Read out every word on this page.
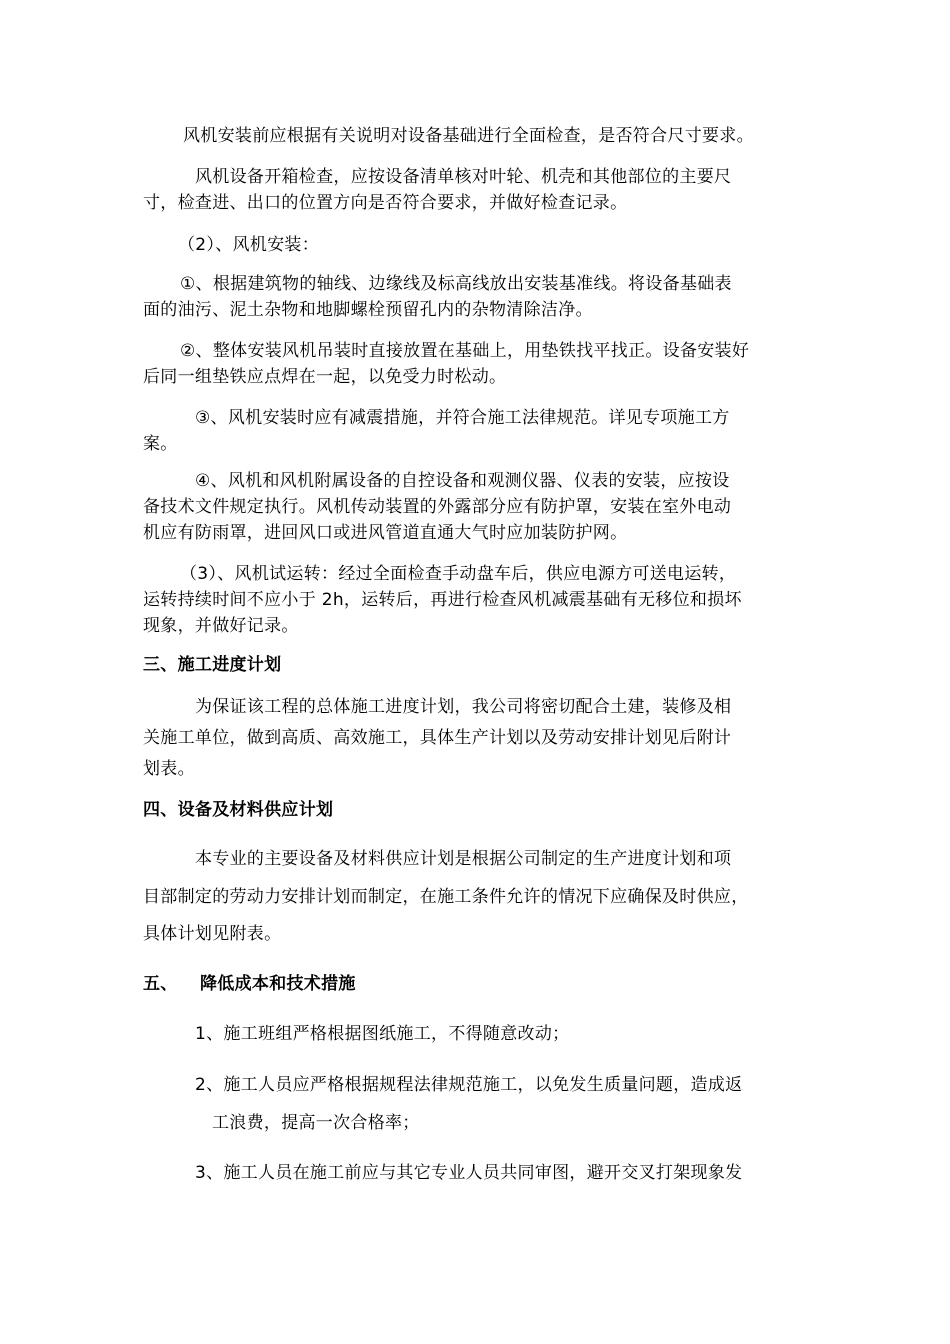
风机安装前应根据有关说明对设备基础进行全面检查，是否符合尺寸要求。
风机设备开箱检查，应按设备清单核对叶轮、机壳和其他部位的主要尺
寸，检查进、出口的位置方向是否符合要求，并做好检查记录。
（2）、风机安装：
①、根据建筑物的轴线、边缘线及标高线放出安装基准线。将设备基础表
面的油污、泥土杂物和地脚螺栓预留孔内的杂物清除洁净。
②、整体安装风机吊装时直接放置在基础上，用垫铁找平找正。设备安装好
后同一组垫铁应点焊在一起，以免受力时松动。
③、风机安装时应有减震措施，并符合施工法律规范。详见专项施工方
案。
④、风机和风机附属设备的自控设备和观测仪器、仪表的安装，应按设
备技术文件规定执行。风机传动装置的外露部分应有防护罩，安装在室外电动
机应有防雨罩，进回风口或进风管道直通大气时应加装防护网。
（3）、风机试运转：经过全面检查手动盘车后，供应电源方可送电运转，
运转持续时间不应小于 2h，运转后，再进行检查风机减震基础有无移位和损坏
现象，并做好记录。
三、施工进度计划
为保证该工程的总体施工进度计划，我公司将密切配合土建，装修及相
关施工单位，做到高质、高效施工，具体生产计划以及劳动安排计划见后附计
划表。
四、设备及材料供应计划
本专业的主要设备及材料供应计划是根据公司制定的生产进度计划和项
目部制定的劳动力安排计划而制定，在施工条件允许的情况下应确保及时供应，
具体计划见附表。
五、 降低成本和技术措施
1、施工班组严格根据图纸施工，不得随意改动；
2、施工人员应严格根据规程法律规范施工，以免发生质量问题，造成返
工浪费，提高一次合格率；
3、施工人员在施工前应与其它专业人员共同审图，避开交叉打架现象发
